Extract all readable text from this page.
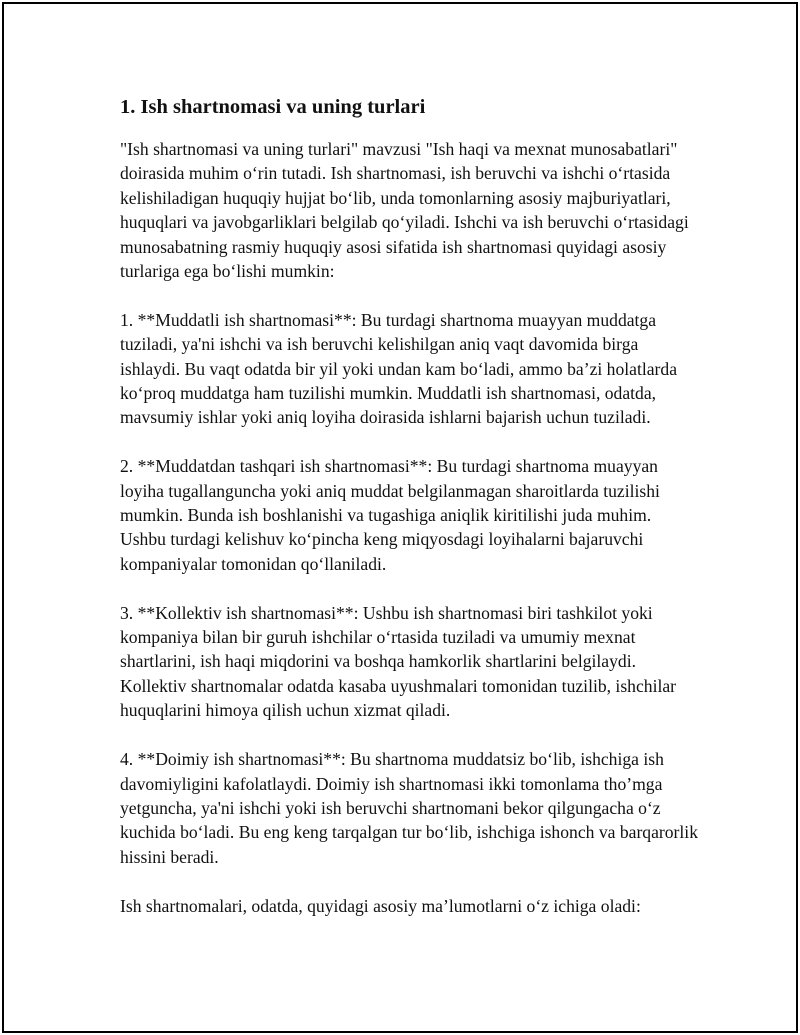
1. Ish shartnomasi va uning turlari

"Ish shartnomasi va uning turlari" mavzusi "Ish haqi va mexnat munosabatlari" doirasida muhim o‘rin tutadi. Ish shartnomasi, ish beruvchi va ishchi o‘rtasida kelishiladigan huquqiy hujjat bo‘lib, unda tomonlarning asosiy majburiyatlari, huquqlari va javobgarliklari belgilab qo‘yiladi. Ishchi va ish beruvchi o‘rtasidagi munosabatning rasmiy huquqiy asosi sifatida ish shartnomasi quyidagi asosiy turlariga ega bo‘lishi mumkin:

1. **Muddatli ish shartnomasi**: Bu turdagi shartnoma muayyan muddatga tuziladi, ya'ni ishchi va ish beruvchi kelishilgan aniq vaqt davomida birga ishlaydi. Bu vaqt odatda bir yil yoki undan kam bo‘ladi, ammo ba’zi holatlarda ko‘proq muddatga ham tuzilishi mumkin. Muddatli ish shartnomasi, odatda, mavsumiy ishlar yoki aniq loyiha doirasida ishlarni bajarish uchun tuziladi.

2. **Muddatdan tashqari ish shartnomasi**: Bu turdagi shartnoma muayyan loyiha tugallanguncha yoki aniq muddat belgilanmagan sharoitlarda tuzilishi mumkin. Bunda ish boshlanishi va tugashiga aniqlik kiritilishi juda muhim. Ushbu turdagi kelishuv ko‘pincha keng miqyosdagi loyihalarni bajaruvchi kompaniyalar tomonidan qo‘llaniladi.

3. **Kollektiv ish shartnomasi**: Ushbu ish shartnomasi biri tashkilot yoki kompaniya bilan bir guruh ishchilar o‘rtasida tuziladi va umumiy mexnat shartlarini, ish haqi miqdorini va boshqa hamkorlik shartlarini belgilaydi. Kollektiv shartnomalar odatda kasaba uyushmalari tomonidan tuzilib, ishchilar huquqlarini himoya qilish uchun xizmat qiladi.

4. **Doimiy ish shartnomasi**: Bu shartnoma muddatsiz bo‘lib, ishchiga ish davomiyligini kafolatlaydi. Doimiy ish shartnomasi ikki tomonlama tho’mga yetguncha, ya'ni ishchi yoki ish beruvchi shartnomani bekor qilgungacha o‘z kuchida bo‘ladi. Bu eng keng tarqalgan tur bo‘lib, ishchiga ishonch va barqarorlik hissini beradi.

Ish shartnomalari, odatda, quyidagi asosiy ma’lumotlarni o‘z ichiga oladi:
